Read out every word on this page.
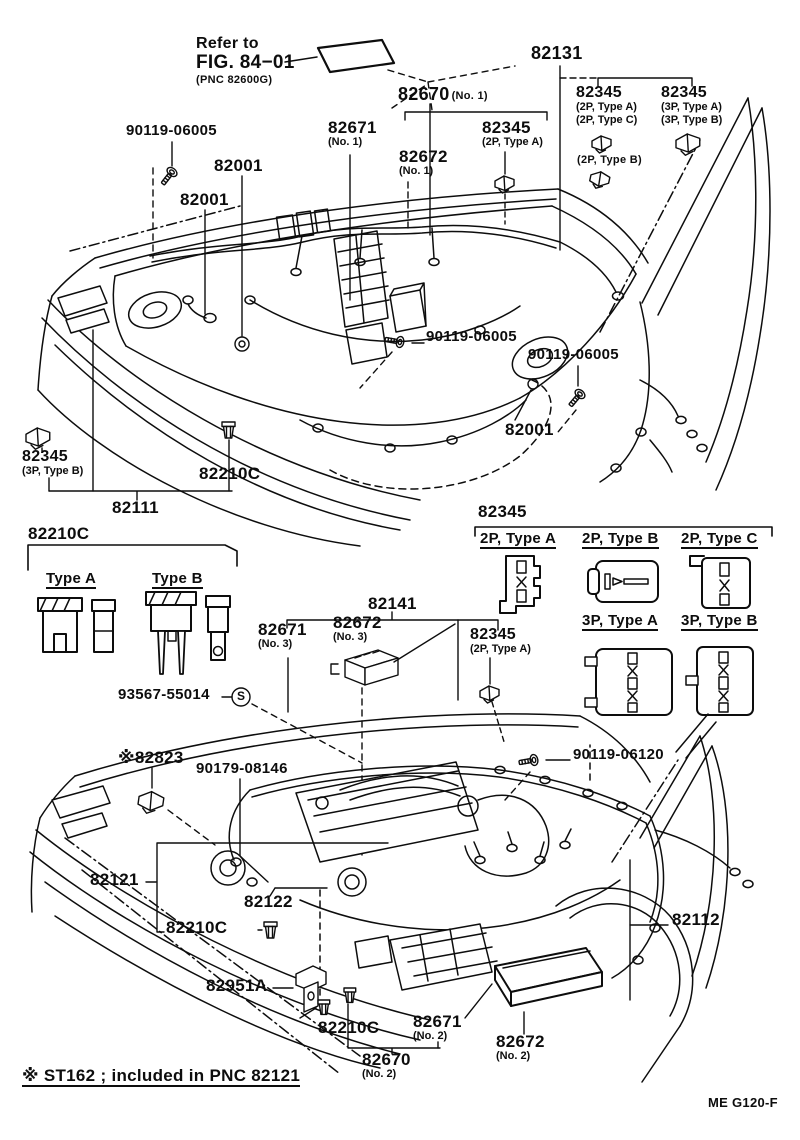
Refer to
FIG. 84−01
(PNC 82600G)
82131
82670 (No. 1)	82345
(2P, Type A)
(2P, Type C)
82345
(3P, Type A)
(3P, Type B)
(2P, Type B)
82671
(No. 1)
82345
(2P, Type A)
82672
(No. 1)
90119-06005
82001
82001
90119-06005
90119-06005
82001
82345
(3P, Type B)	82210C
82111	82345
2P, Type A 2P, Type B 2P, Type C
3P, Type A 3P, Type B
82210C
Type A	Type B
93567-55014
82141
82671
(No. 3)
82672
(No. 3)	82345
(2P, Type A)
※82823
90179-08146
90119-06120
82121
82122
82210C
82951A
82112
82210C 82671
(No. 2)
82670
(No. 2)
82672
(No. 2)
※ ST162 ; included in PNC 82121
ME G120-F
S
